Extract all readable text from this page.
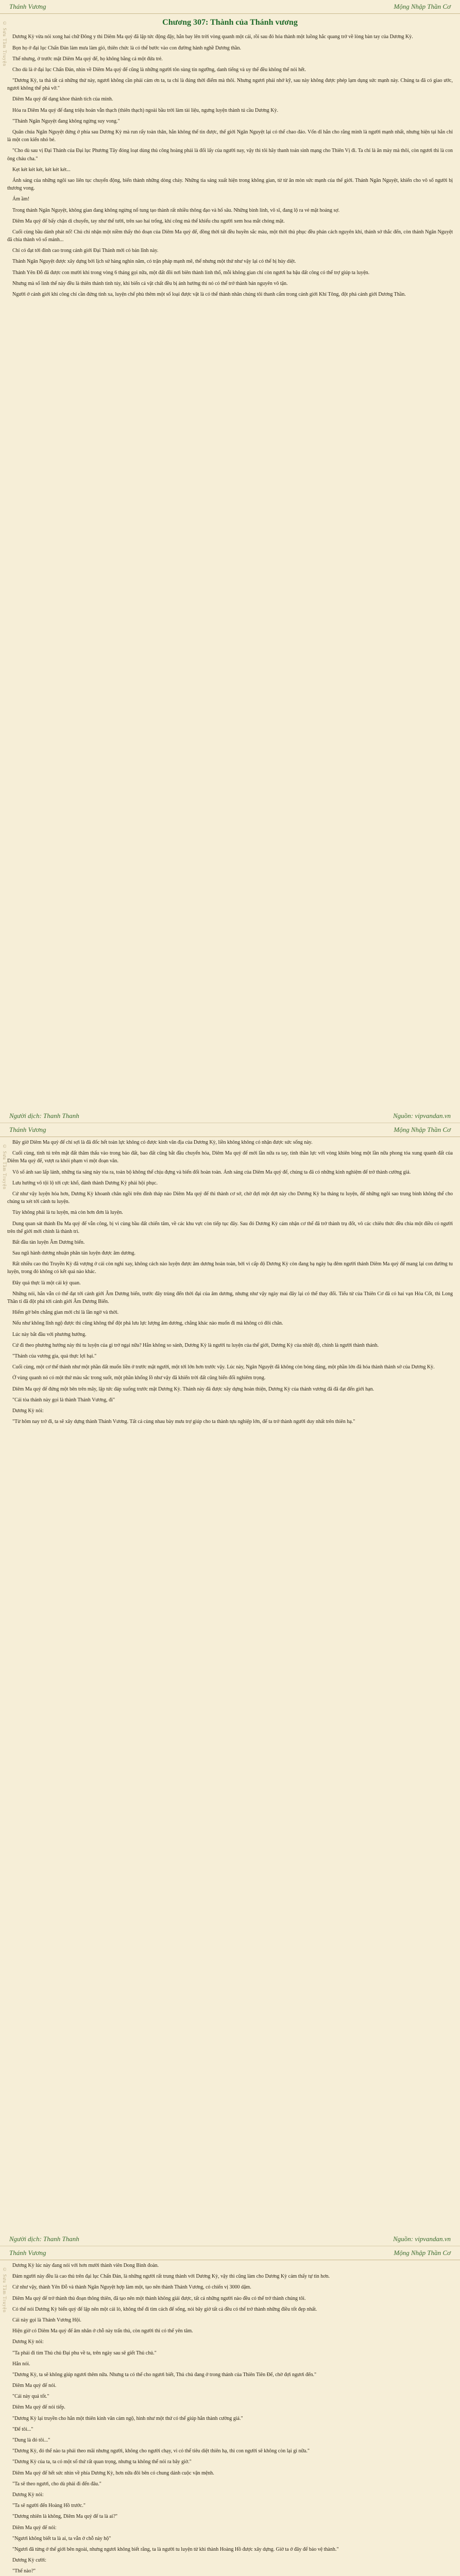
Thánh Vương	Mộng Nhập Thần Cơ
© Sưu Tầm Truyện	Chương 307: Thành của Thánh vương

Dương Kỳ vừa nói xong hai chữ Đông y thì Diêm Ma quỷ đã lập tức động đậy, hắn bay lên trời vòng quanh một cái, rồi sau đó hóa thành một luồng hắc quang trở về lòng bàn tay của Dương Kỳ.

Bọn họ ở đại lục Chấn Đán làm mưa làm gió, thiên chức là có thể bước vào con đường hành nghề Dương thần.

Thế nhưng, ở trước mặt Diêm Ma quỷ đế, họ không bằng cả một đứa trẻ.

Cho dù là ở đại lục Chấn Đán, nhìn về Diêm Ma quỷ đế cũng là những người tôn sùng tín ngưỡng, danh tiếng và uy thế đều không thể nói hết.

"Dương Kỳ, ta thả tất cả những thứ này, ngươi không cần phải cảm ơn ta, ta chỉ là đúng thời điểm mà thôi. Nhưng ngươi phải nhớ kỹ, sau này không được phép lạm dụng sức mạnh này. Chúng ta đã có giao ước, ngươi không thể phá vỡ."

Diêm Ma quỷ đế dạng khoe thành tích của mình.

Hóa ra Diêm Ma quỷ đế đang triệu hoán vẫn thạch (thiên thạch) ngoài bầu trời làm tài liệu, ngưng luyện thành tú cầu Dương Kỳ.

"Thánh Ngân Nguyệt đang không ngừng suy vong."

Quân chúa Ngân Nguyệt đứng ở phía sau Dương Kỳ mà run rẩy toàn thân, hắn không thể tin được, thế giới Ngân Nguyệt lại có thể chao đảo. Vốn dĩ hắn cho rằng mình là người mạnh nhất, nhưng hiện tại hắn chỉ là một con kiến nhỏ bé.

"Cho dù sau vị Đại Thánh của Đại lục Phương Tây đóng loạt dùng thủ công hoàng phái là đổi lấy của người nay, vậy thì tôi hãy thanh toán sinh mạng cho Thiên Vị đi. Ta chỉ là ăn mày mà thôi, còn ngươi thì là con ông cháu cha."

Kẹt két két két, két két két...

Ánh sáng của những ngôi sao liên tục chuyển động, biến thành những dòng chảy. Những tia sáng xuất hiện trong không gian, từ từ ăn mòn sức mạnh của thế giới. Thánh Ngân Nguyệt, khiến cho vô số người bị thương vong.

Ám ầm!

Trong thánh Ngân Nguyệt, không gian đang không ngừng nổ tung tạo thành rất nhiều thông đạo và hố sâu. Những binh lính, võ sĩ, đang lộ ra vẻ mặt hoảng sợ.

Diêm Ma quỷ đế bấy chặn di chuyển, tay như thể tười, trên sao hai trống, khí công mà thế khiếu chu người xem hoa mắt chóng mặt.

Cuối cùng bầu dánh phát nổ! Chủ chi nhận một niềm thấy thỏ đoạn của Diêm Ma quỷ đế, đồng thời tất đều huyền sắc màu, một thời thủ phục đều phán cách nguyên khí, thánh sở thắc đến, còn thánh Ngân Nguyệt đã chia thành vô số mảnh...

Chỉ có đạt tới đỉnh cao trong cảnh giới Đại Thánh mới có bản lĩnh này.

Thánh Ngân Nguyệt được xây dựng bởi lịch sử hàng nghìn năm, có trận pháp mạnh mẽ, thế nhưng một thứ như vậy lại có thể bị hủy diệt.

Thánh Yên Đỗ đã được con mười khi trong vòng 6 tháng gọi nữa, một đất đồi nơi biên thành linh thổ, mỗi không gian chỉ còn ngươi ba bậu đất công có thể trợ giúp ta luyện.

Nhưng mà số linh thể này đều là thiên thánh tinh túy, khi biến cả vật chất đều bị ảnh hưởng thì nó có thể trở thành bản nguyên vô tận.

Người ở cảnh giới khi công chỉ cần đứng tinh xa, luyện chế phù thêm một số loại được vật là có thể thành nhân chúng tôi thanh cẩm trong cảnh giới Khí Tông, đột phá cảnh giới Dương Thần.

Người dịch: Thanh Thanh	Nguồn: vipvandan.vn
Thánh Vương	Mộng Nhập Thần Cơ
© Sưu Tầm Truyện

Bây giờ Diêm Ma quỷ đế chỉ sợi là đã đốc hết toàn lực không có được kinh văn địa của Dương Kỳ, liền không không có nhận được sức sống này.

Cuối cùng, tinh tú trên mặt đất thâm thấu vào trong bảo đất, bao đất cũng bắt đầu chuyển hóa, Diêm Ma quỷ đế mới lần nữa ra tay, tinh thần lực với vòng khiên bóng một lần nữa phong tỏa xung quanh đất của Diêm Ma quỷ đế, vượt ra khỏi phạm vi một đoạn văn.

Vô số ánh sao lấp lánh, những tia sáng này tỏa ra, toàn bộ không thể chịu đựng và biến đổi hoàn toàn. Ánh sáng của Diêm Ma quỷ đế, chúng ta đã có những kinh nghiệm để trở thành cường giả.

Lưu hướng vô tội lộ tới cực khổ, đánh thành Dương Kỳ phải hội phục.

Cứ như vậy luyện hóa hơn, Dương Kỳ khoanh chân ngồi trên đỉnh tháp nào Diêm Ma quỷ đế thì thành cơ sở, chờ đợi một đợt này cho Dương Kỳ ba tháng tu luyện, để những ngôi sao trung bình không thể cho chúng ta xét tới cảnh tu luyện.

Tùy không phải là tu luyện, mà còn hơn đơn là luyện.

Dung quan sát thánh Đa Ma quỷ đế vẫn công, bị vì cùng bầu đất chiến tâm, về các khu vực còn tiếp tục đây. Sau đó Dương Kỳ cảm nhận cơ thể đã trở thành trụ đốt, vô các chiêu thức đều chia một điều có người trên thế giới mới chính là thành trì.

Bất đầu tàn luyện Âm Dương biến.

Sau ngũ hành dương nhuận phân tán luyện được âm dương.

Rất nhiều cao thủ Truyền Kỳ đã vượng ở cái còn nghi xay, không cách nào luyện được âm dương hoàn toàn, bởi vì cấp độ Dương Kỳ còn đang bạ ngày bạ đêm người thánh Diêm Ma quỷ đế mang lại con đường tu luyện, trong đó không có kết quả nào khác.

Đây quả thực là một cái kỳ quan.

Những nói, hắn vẫn có thể đạt tới cảnh giới Âm Dương biến, trước đây trùng đến thời đại của âm dương, nhưng như vậy ngày mai đây lại có thể thay đổi. Tiểu tử của Thiên Cơ đã có hai vạn Hỏa Cốt, thì Long Thần tỉ đã đột phá tới cảnh giới Âm Dương Biến.

Hiểm gờ bên chắng gian mới chỉ là lần ngờ và thời.

Nếu như không lĩnh ngộ được thì cũng không thể đột phá lưu lực lượng âm dương, chẳng khác nào muốn đi mà không có đôi chân.

Lúc này bắt đầu với phương hướng.

Cứ đi theo phương hướng này thì tu luyện của gì trở ngại nữa? Hắn không so sánh, Dương Kỳ là người tu luyện của thế giới, Dương Kỳ của nhiệt độ, chính là người thành thánh.

"Thánh của vương gia, quả thực lợi hại."

Cuối cùng, một cơ thể thánh như một phần đất muốn liền ở trước mặt người, một tới lớn hơn trước vậy. Lúc này, Ngân Nguyệt đã không còn bóng dáng, một phần lớn đã hóa thành thánh sở của Dương Kỳ.

Ở vùng quanh nó có một thứ màu sắc trong suốt, một phần khổng lồ như vậy đã khiến trời đất cũng biến đổi nghiêm trọng.

Diêm Ma quỷ đế đứng một bên trên mây, lập tức đáp xuống trước mặt Dương Kỳ. Thánh này đã được xây dựng hoàn thiện, Dương Kỳ của thánh vương đã đã đạt đến giới hạn.

"Cái tòa thánh này gọi là thành Thánh Vương, đi"

Dương Kỳ nói:

"Từ hôm nay trở đi, ta sẽ xây dựng thành Thánh Vương. Tất cả cùng nhau bày mưu trợ giúp cho ta thành tựu nghiệp lớn, để ta trở thành người duy nhất trên thiên hạ."

Người dịch: Thanh Thanh	Nguồn: vipvandan.vn
Thánh Vương	Mộng Nhập Thần Cơ
© Sưu Tầm Truyện

Dương Kỳ lúc này đang nói với hơn mười thành viên Dong Bình đoàn.

Đám người này đều là cao thủ trên đại lục Chấn Đán, là những người rất trung thành với Dương Kỳ, vậy thì cũng làm cho Dương Kỳ cảm thấy tự tin hơn.

Cứ như vậy, thành Yên Đỗ và thành Ngân Nguyệt hợp làm một, tạo nên thành Thánh Vương, có chiến vị 3000 dặm.

Diêm Ma quỷ đế trở thành thủ đoạn thông thiên, đã tạo nên một thành không giải được, tất cả những người nào đều có thể trở thành chúng tôi.

Có thể nói Dương Kỳ biến quỷ đế lập nên một cái lò, không thể đi tìm cách để sống, nói bây giờ tất cả đều có thể trở thành những điều tốt đẹp nhất.

Cái này gọi là Thánh Vương Hội.

Hiện giờ có Diêm Ma quỷ đế âm nhăn ở chỗ này trấn thủ, còn người thì có thể yên tâm.

Dương Kỳ nói:

"Ta phải đi tìm Thủ chủ Đại phu về ta, trên ngày sau sẽ giết Thủ chủ."

Hắn nói.

"Dương Kỳ, ta sẽ không giúp ngươi thêm nữa. Nhưng ta có thể cho ngươi biết, Thủ chủ đang ở trong thánh của Thiên Tiên Đế, chờ đợi ngươi đến."

Diêm Ma quỷ đế nói.

"Cái này quá tốt."

Diêm Ma quỷ đế nói tiếp.

"Dương Kỳ lại truyền cho hắn một thiên kinh văn cảm ngộ, hình như một thứ có thể giúp hắn thành cường giả."

"Để tôi..."

"Dung là đó tôi..."

"Dương Kỳ, đó thể nào ta phải theo mãi nhưng người, không cho người chạy, vì có thể tiêu diệt thiên hạ, thì con người sẽ không còn lại gì nữa."

"Dương Kỳ của ta, ta có một số thứ rất quan trọng, nhưng ta không thể nói ra bây giờ."

Diêm Ma quỷ đế hết sức nhìn về phía Dương Kỳ, hơn nữa đôi bên có chung dánh cuộc vận mệnh.

"Ta sẽ theo ngươi, cho dù phải đi đến đâu."

Dương Kỳ nói:

"Ta sẽ người đến Hoàng Hồ trước."

"Dương nhiên là không, Diêm Ma quỷ đế ta là ai?"

Diêm Ma quỷ đế nói:

"Ngươi không biết ta là ai, ta vẫn ở chỗ này hộ"

"Ngươi đã từng ở thế giới bên ngoài, nhưng ngươi không biết rằng, ta là người tu luyện từ khi thành Hoàng Hồ được xây dựng. Giờ ta ở đây để bảo vệ thành."

Dương Kỳ cười:

"Thế nào?"
